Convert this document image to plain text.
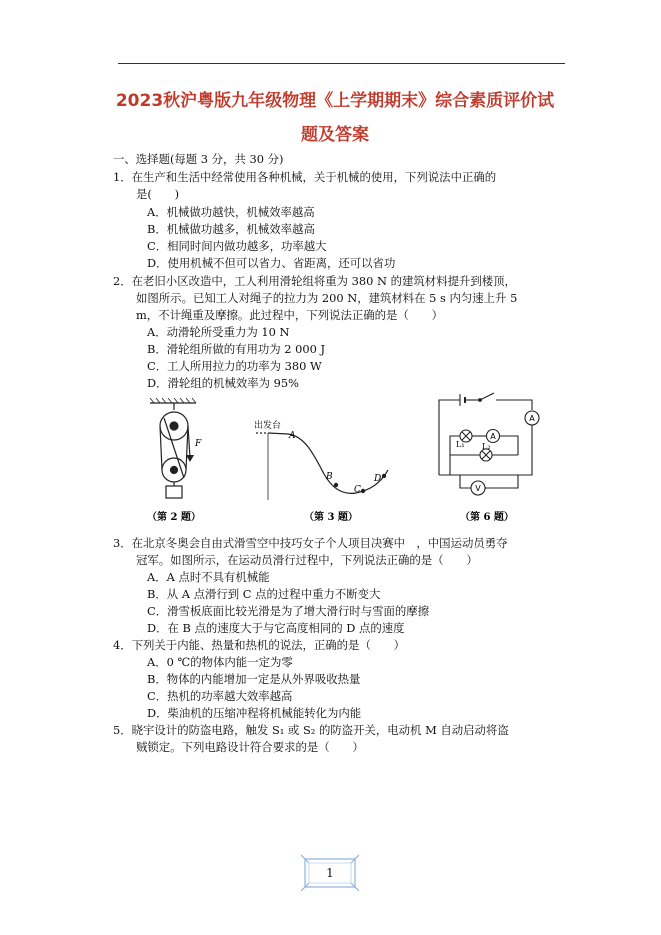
2023秋沪粤版九年级物理《上学期期末》综合素质评价试
题及答案
一、选择题(每题 3 分，共 30 分)
1．在生产和生活中经常使用各种机械，关于机械的使用，下列说法中正确的
是(　　)
A．机械做功越快，机械效率越高
B．机械做功越多，机械效率越高
C．相同时间内做功越多，功率越大
D．使用机械不但可以省力、省距离，还可以省功
2．在老旧小区改造中，工人利用滑轮组将重为 380 N 的建筑材料提升到楼顶，
如图所示。已知工人对绳子的拉力为 200 N，建筑材料在 5 s 内匀速上升 5
m，不计绳重及摩擦。此过程中，下列说法正确的是（　　）
A．动滑轮所受重力为 10 N
B．滑轮组所做的有用功为 2 000 J
C．工人所用拉力的功率为 380 W
D．滑轮组的机械效率为 95%
F
出发台
A
B
C
D
A
A
V
L₁ L₂
（第 2 题）	（第 3 题）	（第 6 题）
3．在北京冬奥会自由式滑雪空中技巧女子个人项目决赛中　，中国运动员勇夺
冠军。如图所示，在运动员滑行过程中，下列说法正确的是（　　）
A．A 点时不具有机械能
B．从 A 点滑行到 C 点的过程中重力不断变大
C．滑雪板底面比较光滑是为了增大滑行时与雪面的摩擦
D．在 B 点的速度大于与它高度相同的 D 点的速度
4．下列关于内能、热量和热机的说法，正确的是（　　）
A．0 ℃的物体内能一定为零
B．物体的内能增加一定是从外界吸收热量
C．热机的功率越大效率越高
D．柴油机的压缩冲程将机械能转化为内能
5．晓宇设计的防盗电路，触发 S₁ 或 S₂ 的防盗开关，电动机 M 自动启动将盗
贼锁定。下列电路设计符合要求的是（　　）
1
